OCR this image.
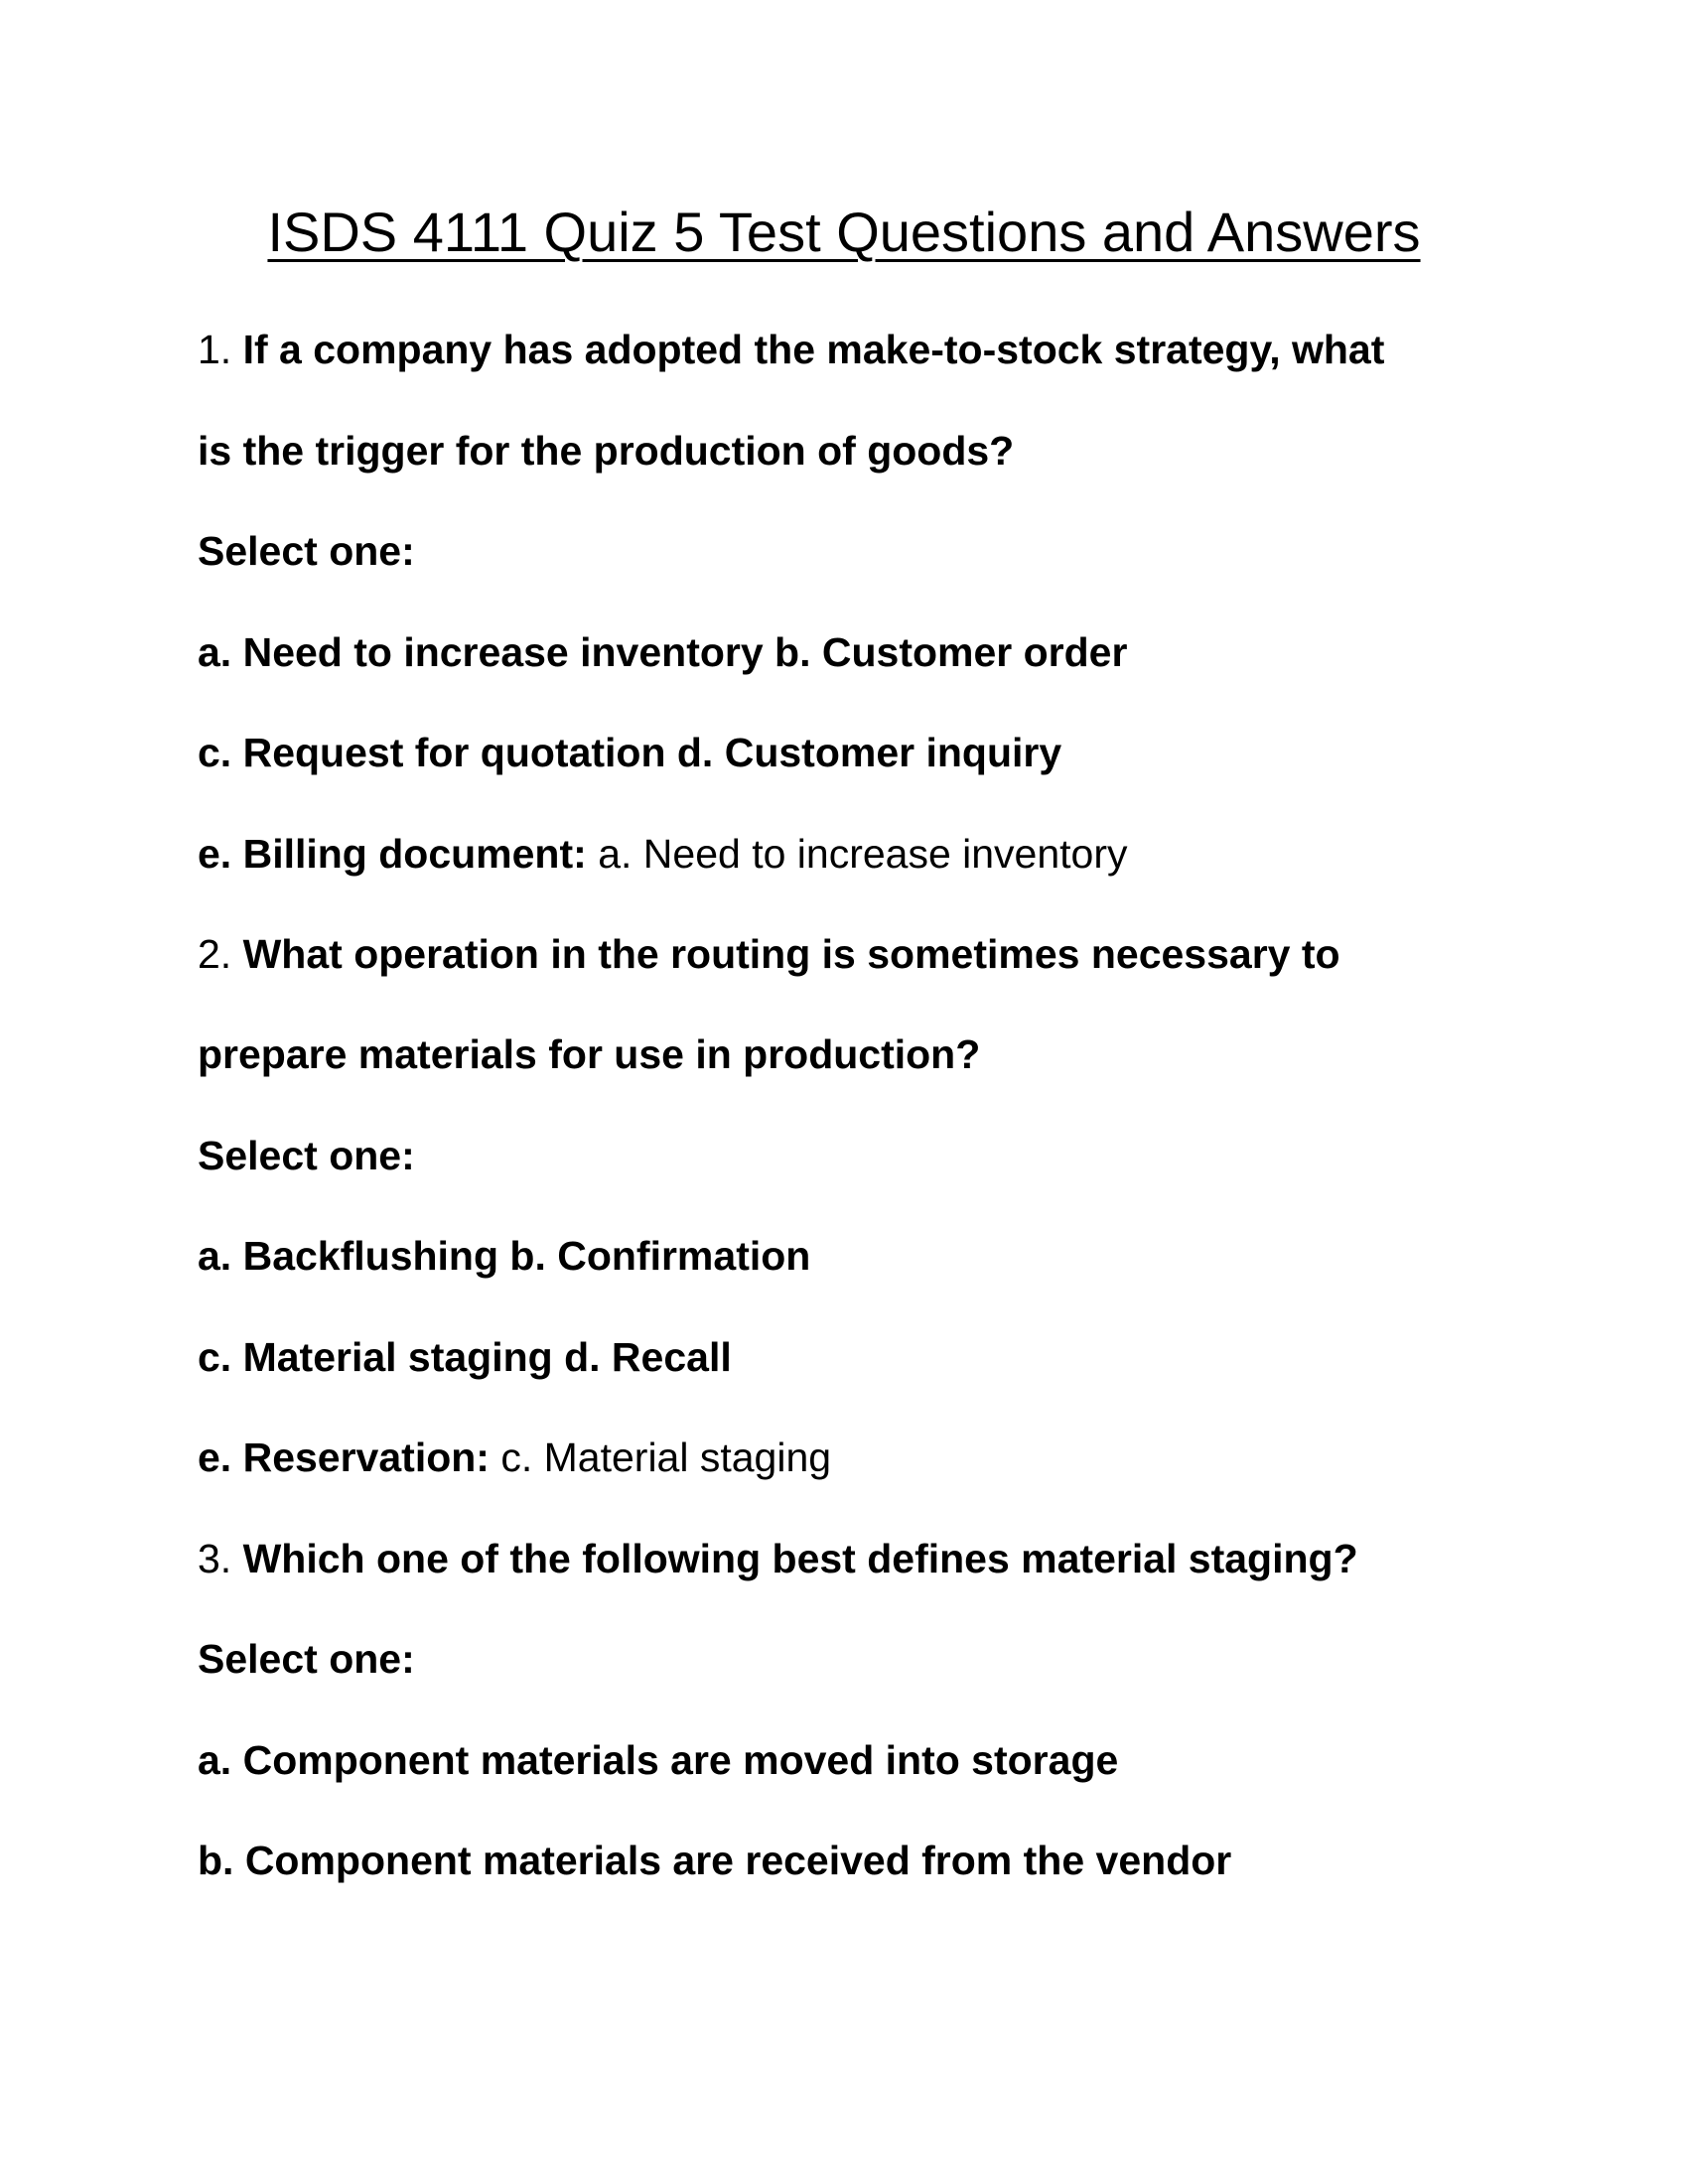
ISDS 4111 Quiz 5 Test Questions and Answers

1. If a company has adopted the make-to-stock strategy, what

is the trigger for the production of goods?

Select one:

a. Need to increase inventory b. Customer order

c. Request for quotation d. Customer inquiry

e. Billing document: a. Need to increase inventory

2. What operation in the routing is sometimes necessary to

prepare materials for use in production?

Select one:

a. Backflushing b. Confirmation

c. Material staging d. Recall

e. Reservation: c. Material staging

3. Which one of the following best defines material staging?

Select one:

a. Component materials are moved into storage

b. Component materials are received from the vendor
